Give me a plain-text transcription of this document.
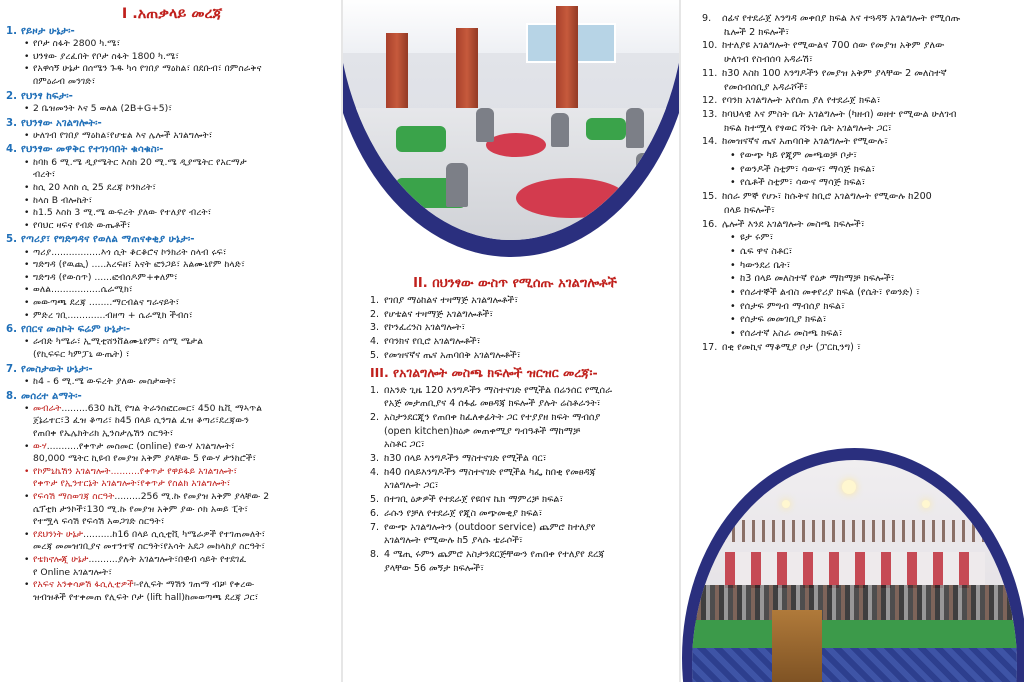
I .አጠቃላይ መረጃ
1. የይዞታ ሁኔታ፡-
• የቦታ ስፋት 2800 ካ.ሜ፣
• ህንፃው ያረፈበት የቦታ ስፋት 1800 ካ.ሜ፣
• የአዋሳኝ ሁኔታ በሰሜን ጉዱ ካሳ የገበያ ማዕከል፣ በደቡብ፣ በምስራቅና
በምዕራብ መንገድ፣
2. የህንፃ ከፍታ፡-
• 2 ቤዝመንት እና 5 ወለል (2B+G+5)፣
3. የህንፃው አገልግሎት፡-
• ሁለገብ የገበያ ማዕከል፣የሆቴል እና ሌሎች አገልግሎት፣
4. የህንፃው መዋቅር የተገነባበት ቁሳቁስ፡-
• ከባክ 6 ሚ.ሜ ዲያሜትር እስከ 20 ሚ.ሜ ዲያሜትር የአርማታ
ብረት፣
• ከሲ 20 እስከ ሲ 25 ደረጃ ኮንክሪት፣
• ከላስ B ብሎኬት፣
• ከ1.5 እስከ 3 ሚ.ሜ ውፍረት ያለው የተለያየ ብረት፣
• የባህር ዛፍና የብድ ውጤቶች፣
5. የጣሪያ፣ የግድግዳና የወለል ማጠናቀቂያ ሁኔታ፡-
• ጣሪያ.................እጎ ሲት ቆርቆሮና ኮንክሪት ስላብ ሩፍ፣
• ግድግዳ (የዉጪ) .....አረፍዘ፣ አናት ፎንጋይ፣ አልሙኒየም ከላድ፣
• ግድግዳ (የውስጥ) ......ፎብሰዶም+ቀለም፣
• ወለል.................ሴራሚክ፣
• መውጣጫ ደረጃ ........ማርብልና ግራናይት፣
• ምድረ ገቢ.............ብዘጣ + ሴራሚክ ችብስ፣
6. የበርና መስኮት ፍሬም ሁኔታ፡-
• ራብድ ካሜራ፣ ኢሚቲሸንቨልሙኒየም፣ ሰሚ ሜታል
(የኪፍፍር ካምፓኒ ውጤት) ፣
7. የመስታወት ሁኔታ፡-
• ከ4 - 6 ሚ.ሜ ውፍረት ያለው መስታወት፣
8. መሰረተ ልማት፡-
• መብራት.........630 ኬቪ የግል ትራንስፎርመር፣ 450 ኬቪ ማኣጥል
ጀኔሬተር፣3 ፈዝ ቆጣሪ፣ ከ45 በላይ ሲንግል ፈዝ ቆጣሪ፣ደረጃውን
የጠበቀ የኤሌክትሪክ ኢንስታሌሽን ስርዓት፣
• ውሃ...........የቀጥታ መስመር (online) የውሃ አገልግሎት፣
80,000 ሜትር ኪዩብ የመያዝ አቅም ያላቸው 5 የውሃ ታንከሮች፣
• የኮምኒኬሽን አገልግሎት..........የቀጥታ የዋይፋይ አገልግሎት፣
የቀጥታ የኢንተርኔት አገልግሎት፣የቀጥታ የስልክ አገልግሎት፣
• የፍሳሽ ማስወገጃ ስርዓት.........256 ሚ.ኩ የመያዝ አቅም ያላቸው 2
ሴፕቲክ ታንኮች፣130 ሚ.ኩ የመያዝ አቅም ያው ሶክ አወይ ፒት፣
የተሟላ ፍሳሽ የፍሳሽ አወጋገድ ስርዓት፣
• የደህንነት ሁኔታ..........ከ16 በላይ ሲሲቲቪ ካሜራዎች የተገጠመለት፣
መረጃ መመዝገቢያና መተንተኛ ስርዓት፣የአሳት አደጋ መከላከያ ስርዓት፣
• የቴክኖሎጂ ሁኔታ..........ያሉት አገልግሎት፣በዊብ ሳይት የተደገፈ
የ Online አገልግሎት፣
• የአፍና አንቀሳቃሽ ፋሲሊቲዎች፡-የሊፍት ማሽን ገጠማ ብቻ የቀረው
ዝብዝቶች የተቀመጠ የሊፍት ቦታ (lift hall)ከመወጣጫ ደረጃ ጋር፣
II. በህንፃው ውስጥ የሚሰጡ አገልግሎቶች
1. የገበያ ማዕከልና ተዛማጅ አገልግሎቶች፣
2. የሆቴልና ተዛማጅ አገልግሎቶች፣
3. የኮንፈረንስ አገልግሎት፣
4. የባንክና የቢሮ አገልግሎቶች፣
5. የመዝናኛና ጤና አጠባበቅ አገልግሎቶች፣
III. የአገልግሎት መስጫ ክፍሎች ዝርዝር መረጃ፡-
1. በአንድ ጊዜ 120 እንግዶችን ማስተናገድ የሚችል በሬንሰር የሚሰራ
የአጅ መታጠቢያና 4 ሰፋፊ መፀዳጃ ክፍሎች ያሉት ሬስቶራንት፣
2. አስታንደርጂን የጠበቀ ከፈለቀፊትት ጋር የተያያዘ ክፍት ማብሰያ
(open kitchen)ከዕቃ መጠቀሚያ ግብዓቶች ማከማቻ
አስቶር ጋር፣
3. ከ30 በላይ እንግዶችን ማስተናገድ የሚችል ባር፣
4. ከ40 በላይእንግዶችን ማስተናገድ የሚችል ካፌ ከበቂ የመፀዳጃ
አገልግሎት ጋር፣
5. በተገቢ ዕቃዎች የተደራጀ የዩበና ኬክ ማምረቻ ክፍል፣
6. ራሱን የቻለ የተደራጀ የጂስ መጭመቂያ ክፍል፣
7. የውጭ አገልግሎትን (outdoor service) ጨምሮ ከተለያየ
አገልግሎት የሚውሉ ከ5 ያላሱ ቴራሶች፣
8. 4 ሜጢ ሩምን ጨምሮ አስታንደርጅቸውን የጠበቀ የተለያየ ደረጃ
ያላቸው 56 መኝታ ክፍሎች፣
9. ሰፊና የተደራጀ እንግዳ መቀበያ ክፍል እና ተጓዳኝ አገልግሎት የሚሰጡ
ኬሎች 2 ክፍሎች፣
10. ከተለያዩ አገልግሎት የሚውልና 700 ሰው የመያዝ አቅም ያለው
ሁለገብ የስብሰባ አዳራሽ፣
11. ከ30 እስከ 100 እንግዶችን የመያዝ አቅም ያላቸው 2 መለስተኛ
የመሰብሰቢያ አዳራሾች፣
12. የባንክ አገልግሎት አየሰጠ ያለ የተደራጀ ክፍል፣
13. ከባህላዊ እና ምስት ቤት አገልግሎት (ካዘብ) ወዘተ የሚውል ሁለገብ
ክፍል ከተሟላ የፃወር ሻንት ቤት አገልግሎት ጋር፣
14. ከመዝናኛና ጤና አጠባበቅ አገልግሎት የሚውሉ፣
• የውጭ ካይ የጂም መጫወቻ ቦታ፣
• የወንዶች ስቲም፣ ሳውና፣ ማሳጅ ክፍል፣
• የሴቶች ስቲም፣ ሳውና ማሳጅ ክፍል፣
15. ከሰራ ምኞ የሆኑ፣ ከሱቅና ከቢሮ አገልግሎት የሚውሉ ከ200
በላይ ክፍሎች፣
16. ሌሎች እንደ አገልግሎት መስጫ ክፍሎች፣
• ዩታ ሩም፣
• ሴፍ ዋና ስቶር፣
• ካውንደሪ ቤት፣
• ከ3 በላይ መለስተኛ የዕቃ ማከማቻ ክፍሎች፣
• የሰራተኞች ልብስ መቀየሪያ ክፍል (የሴት፣ የወንድ) ፣
• የሰታፍ ምግብ ማብሰያ ክፍል፣
• የሰታፍ መመገቢያ ክፍል፣
• የሰራተኛ አስራ መስጫ ክፍል፣
17. በቂ የመኪና ማቆሚያ ቦታ (ፓርኪንግ) ፣
